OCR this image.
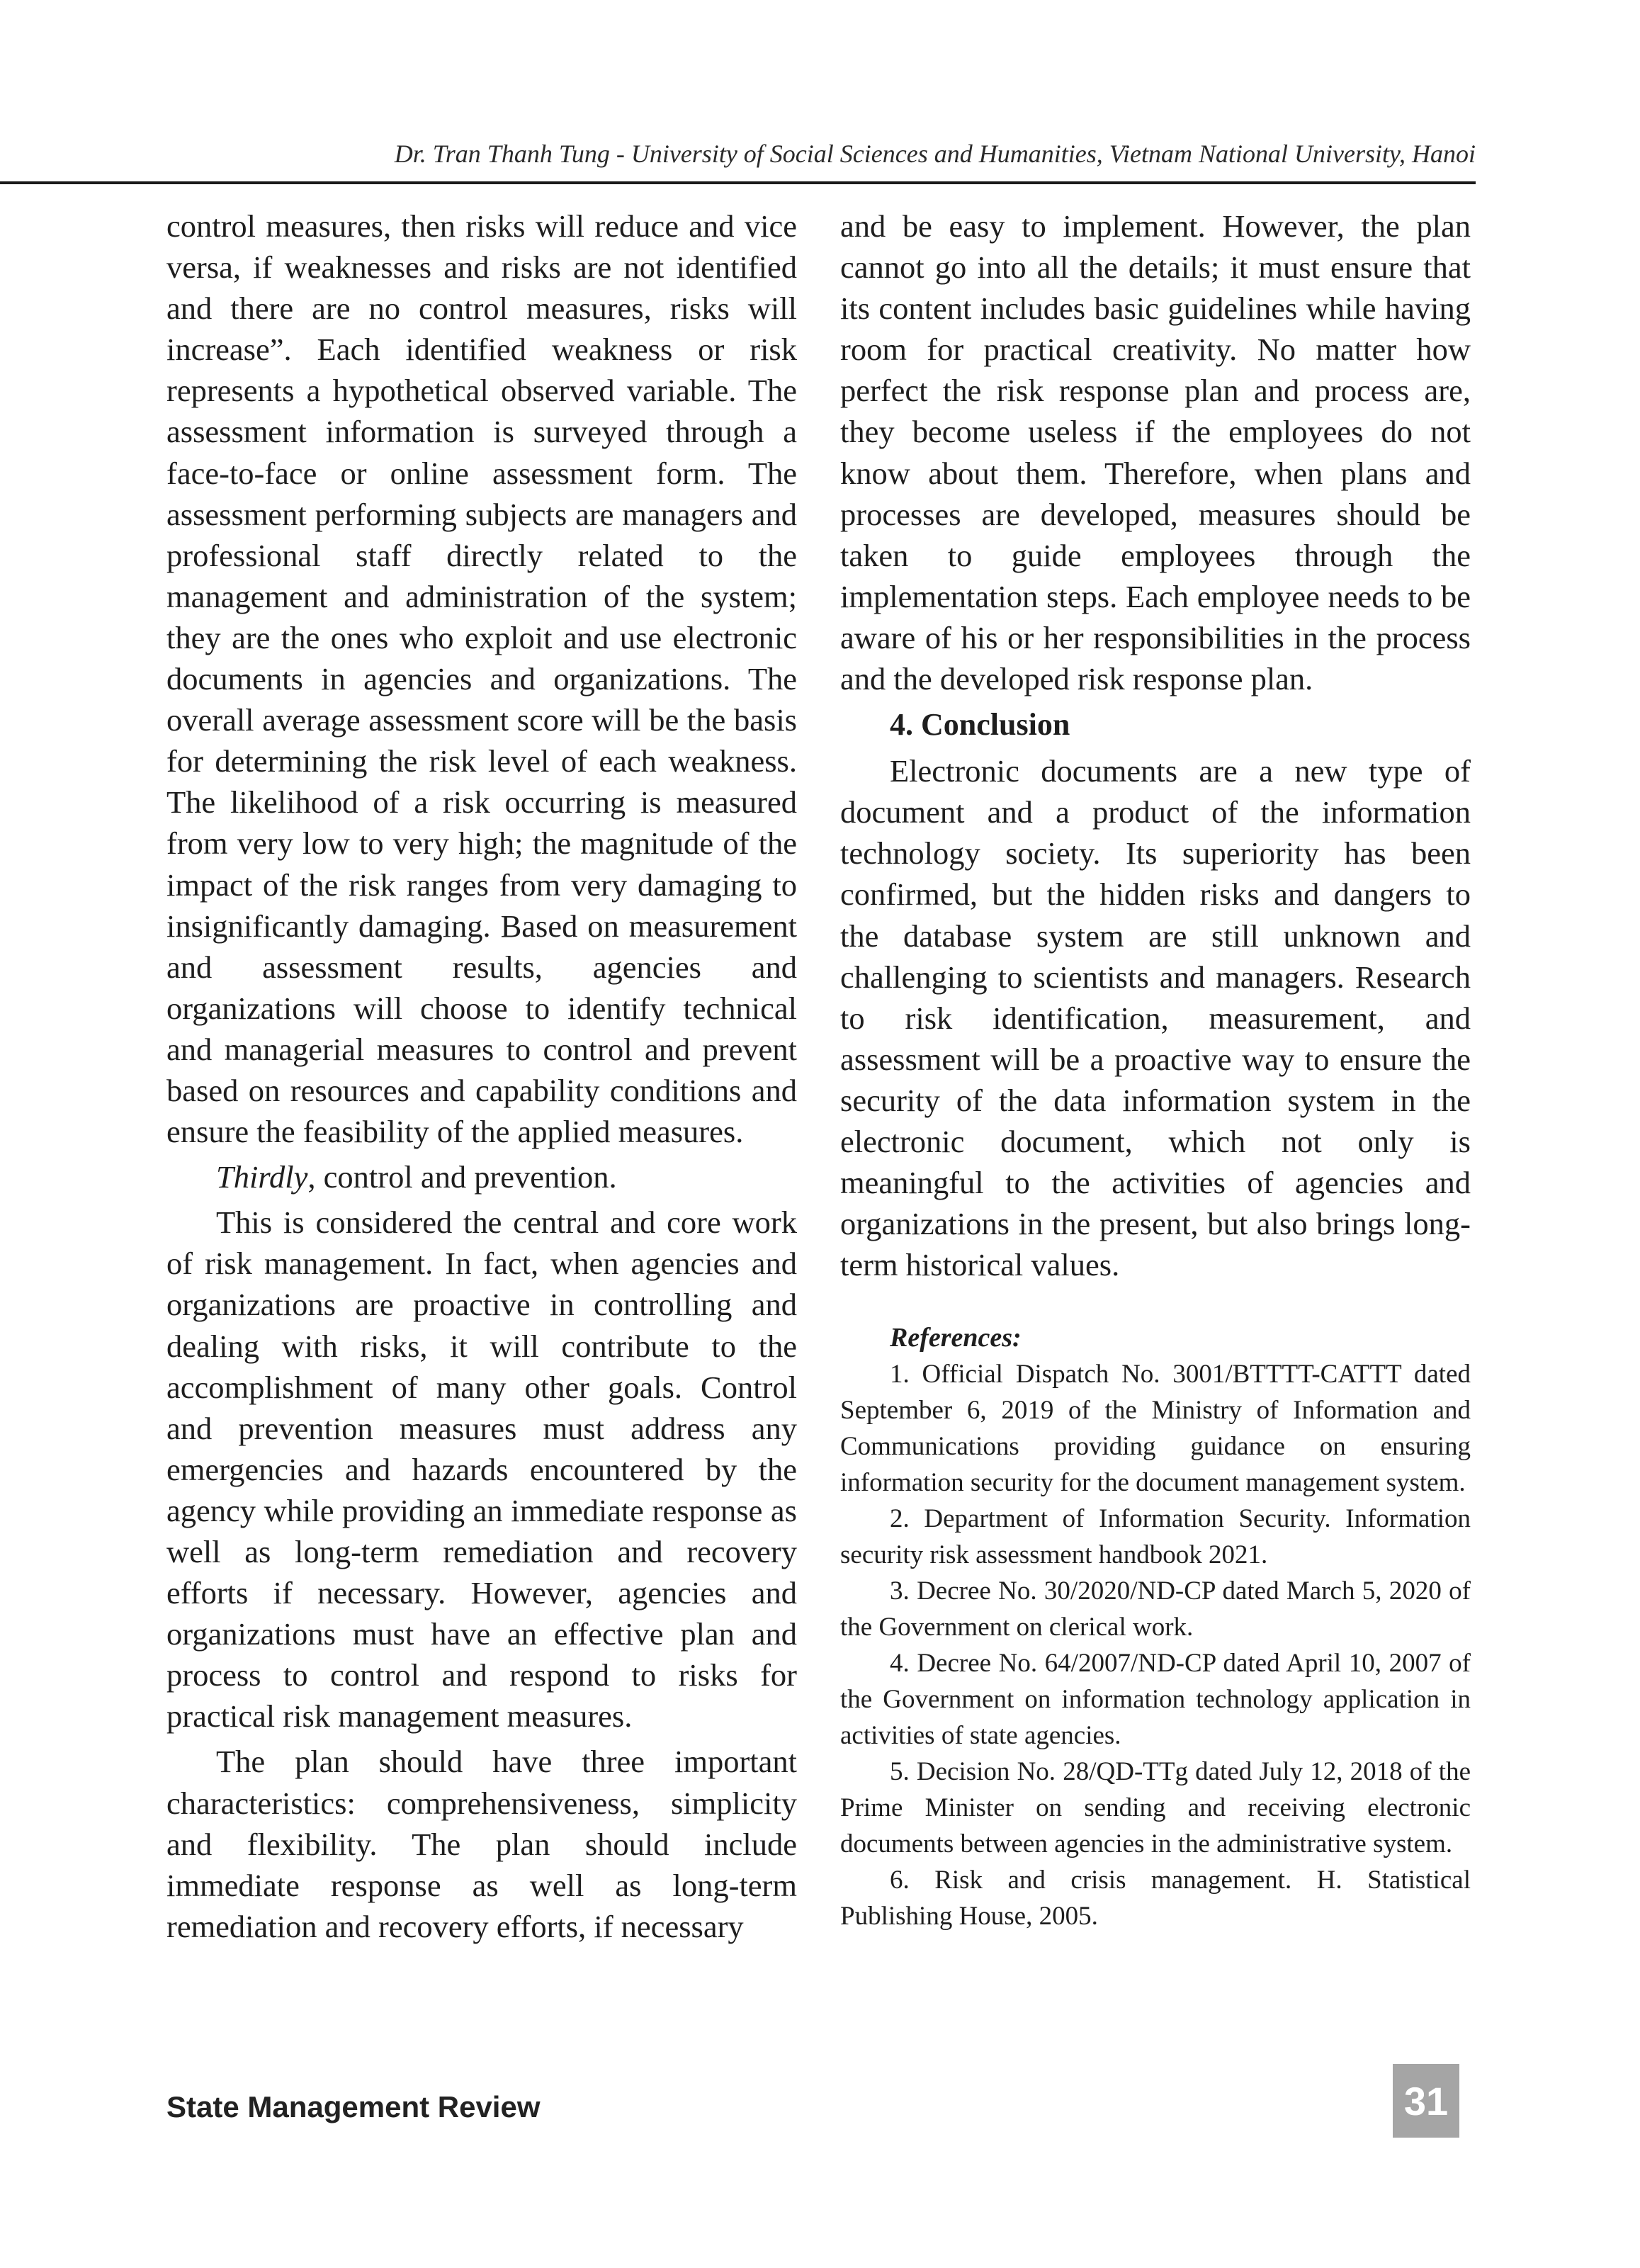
Dr. Tran Thanh Tung - University of Social Sciences and Humanities, Vietnam National University, Hanoi

control measures, then risks will reduce and vice versa, if weaknesses and risks are not identified and there are no control measures, risks will increase”. Each identified weakness or risk represents a hypothetical observed variable. The assessment information is surveyed through a face-to-face or online assessment form. The assessment performing subjects are managers and professional staff directly related to the management and administration of the system; they are the ones who exploit and use electronic documents in agencies and organizations. The overall average assessment score will be the basis for determining the risk level of each weakness. The likelihood of a risk occurring is measured from very low to very high; the magnitude of the impact of the risk ranges from very damaging to insignificantly damaging. Based on measurement and assessment results, agencies and organizations will choose to identify technical and managerial measures to control and prevent based on resources and capability conditions and ensure the feasibility of the applied measures.

Thirdly, control and prevention.

This is considered the central and core work of risk management. In fact, when agencies and organizations are proactive in controlling and dealing with risks, it will contribute to the accomplishment of many other goals. Control and prevention measures must address any emergencies and hazards encountered by the agency while providing an immediate response as well as long-term remediation and recovery efforts if necessary. However, agencies and organizations must have an effective plan and process to control and respond to risks for practical risk management measures.

The plan should have three important characteristics: comprehensiveness, simplicity and flexibility. The plan should include immediate response as well as long-term remediation and recovery efforts, if necessary

and be easy to implement. However, the plan cannot go into all the details; it must ensure that its content includes basic guidelines while having room for practical creativity. No matter how perfect the risk response plan and process are, they become useless if the employees do not know about them. Therefore, when plans and processes are developed, measures should be taken to guide employees through the implementation steps. Each employee needs to be aware of his or her responsibilities in the process and the developed risk response plan.

4. Conclusion

Electronic documents are a new type of document and a product of the information technology society. Its superiority has been confirmed, but the hidden risks and dangers to the database system are still unknown and challenging to scientists and managers. Research to risk identification, measurement, and assessment will be a proactive way to ensure the security of the data information system in the electronic document, which not only is meaningful to the activities of agencies and organizations in the present, but also brings long-term historical values.

References:

1. Official Dispatch No. 3001/BTTTT-CATTT dated September 6, 2019 of the Ministry of Information and Communications providing guidance on ensuring information security for the document management system.

2. Department of Information Security. Information security risk assessment handbook 2021.

3. Decree No. 30/2020/ND-CP dated March 5, 2020 of the Government on clerical work.

4. Decree No. 64/2007/ND-CP dated April 10, 2007 of the Government on information technology application in activities of state agencies.

5. Decision No. 28/QD-TTg dated July 12, 2018 of the Prime Minister on sending and receiving electronic documents between agencies in the administrative system.

6. Risk and crisis management. H. Statistical Publishing House, 2005.

State Management Review	31
